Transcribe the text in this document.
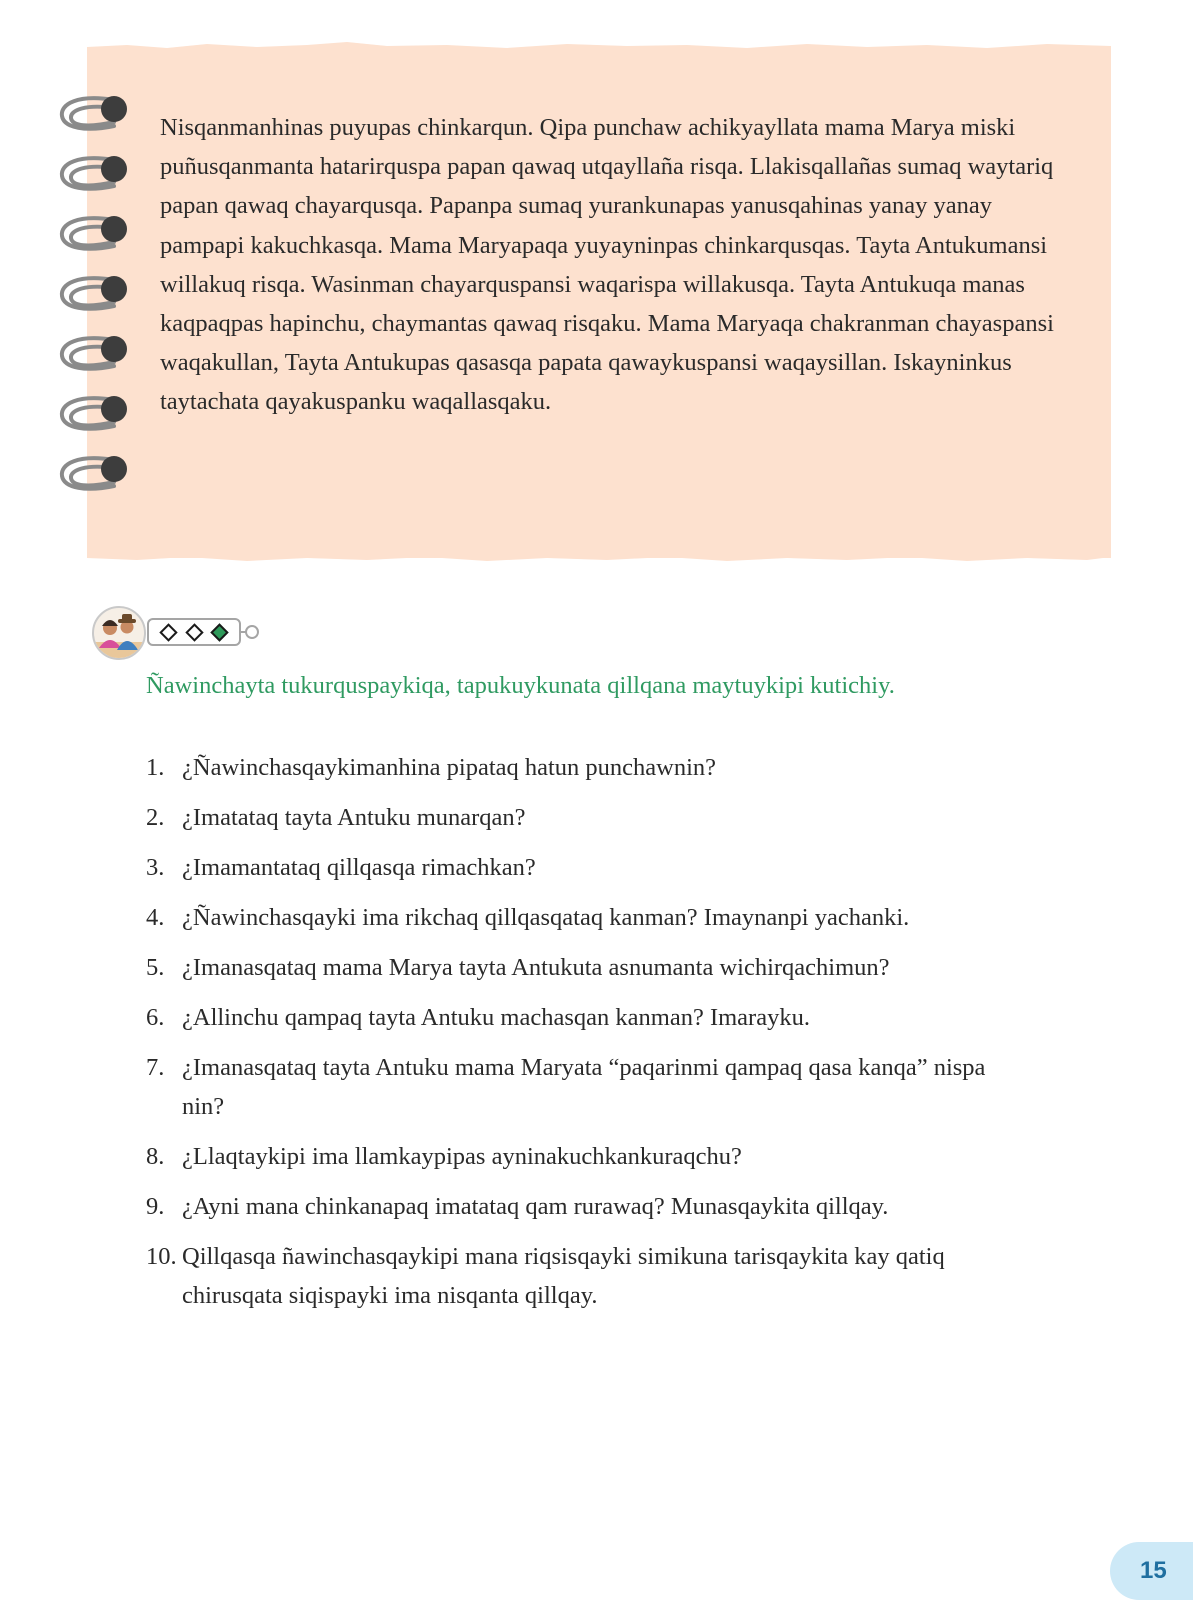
Nisqanmanhinas puyupas chinkarqun. Qipa punchaw achikyayllata mama Marya miski puñusqanmanta hatarirquspa papan qawaq utqayllaña risqa. Llakisqallañas sumaq waytariq papan qawaq chayarqusqa. Papanpa sumaq yurankunapas yanusqahinas yanay yanay pampapi kakuchkasqa. Mama Maryapaqa yuyayninpas chinkarqusqas. Tayta Antukumansi willakuq risqa. Wasinman chayarquspansi waqarispa willakusqa. Tayta Antukuqa manas kaqpaqpas hapinchu, chaymantas qawaq risqaku. Mama Maryaqa chakranman chayaspansi waqakullan, Tayta Antukupas qasasqa papata qawaykuspansi waqaysillan. Iskayninkus taytachata qayakuspanku waqallasqaku.

Ñawinchayta tukurquspaykiqa, tapukuykunata qillqana maytuykipi kutichiy.

1. ¿Ñawinchasqaykimanhina pipataq hatun punchawnin?
2. ¿Imatataq tayta Antuku munarqan?
3. ¿Imamantataq qillqasqa rimachkan?
4. ¿Ñawinchasqayki ima rikchaq qillqasqataq kanman? Imaynanpi yachanki.
5. ¿Imanasqataq mama Marya tayta Antukuta asnumanta wichirqachimun?
6. ¿Allinchu qampaq tayta Antuku machasqan kanman? Imarayku.
7. ¿Imanasqataq tayta Antuku mama Maryata “paqarinmi qampaq qasa kanqa” nispa nin?
8. ¿Llaqtaykipi ima llamkaypipas ayninakuchkankuraqchu?
9. ¿Ayni mana chinkanapaq imatataq qam rurawaq? Munasqaykita qillqay.
10. Qillqasqa ñawinchasqaykipi mana riqsisqayki simikuna tarisqaykita kay qatiq chirusqata siqispayki ima nisqanta qillqay.
15
